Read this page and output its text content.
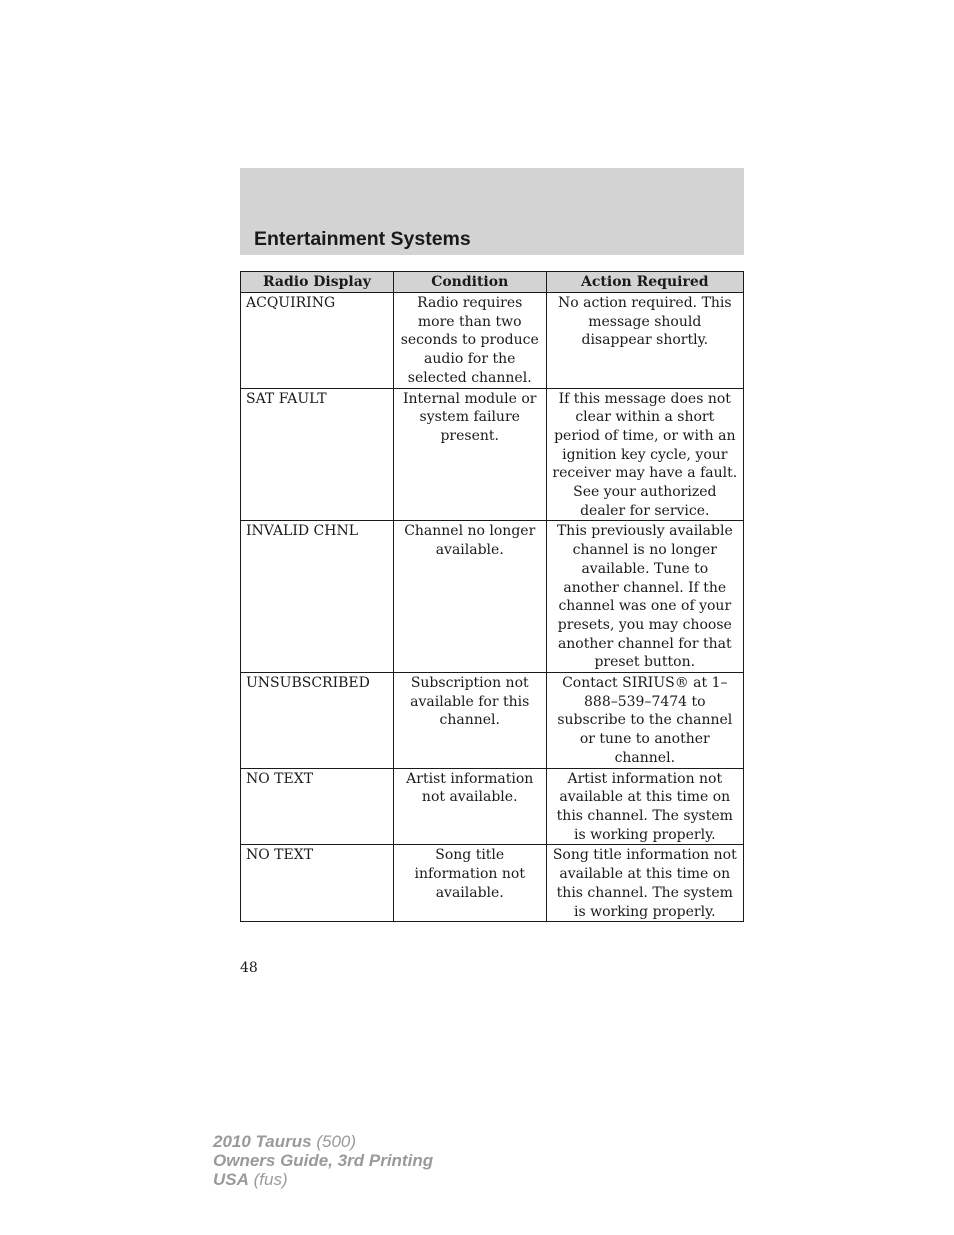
Entertainment Systems
Radio Display	Condition	Action Required
ACQUIRING	Radio requires more than two seconds to produce audio for the selected channel.	No action required. This message should disappear shortly.
SAT FAULT	Internal module or system failure present.	If this message does not clear within a short period of time, or with an ignition key cycle, your receiver may have a fault. See your authorized dealer for service.
INVALID CHNL	Channel no longer available.	This previously available channel is no longer available. Tune to another channel. If the channel was one of your presets, you may choose another channel for that preset button.
UNSUBSCRIBED	Subscription not available for this channel.	Contact SIRIUS® at 1–888–539–7474 to subscribe to the channel or tune to another channel.
NO TEXT	Artist information not available.	Artist information not available at this time on this channel. The system is working properly.
NO TEXT	Song title information not available.	Song title information not available at this time on this channel. The system is working properly.
48
2010 Taurus (500)
Owners Guide, 3rd Printing
USA (fus)
